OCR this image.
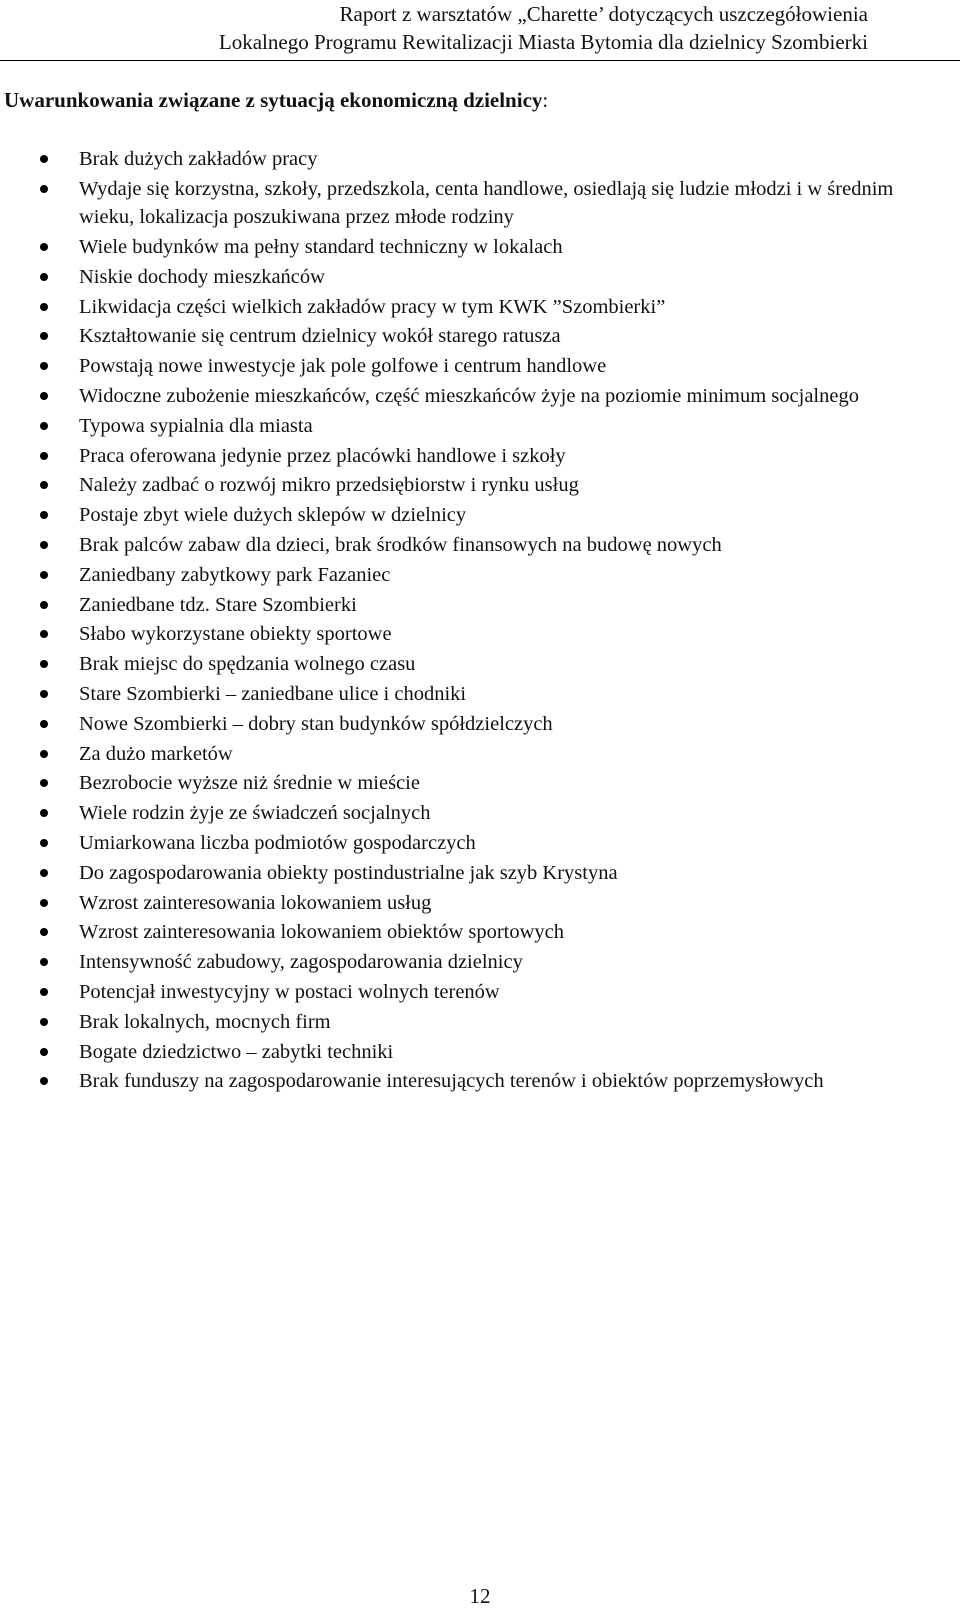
Raport z warsztatów „Charette’ dotyczących uszczegółowienia
Lokalnego Programu Rewitalizacji Miasta Bytomia dla dzielnicy Szombierki
Uwarunkowania związane z sytuacją ekonomiczną dzielnicy:
Brak dużych zakładów pracy
Wydaje się korzystna, szkoły, przedszkola, centa handlowe, osiedlają się ludzie młodzi i w średnim wieku, lokalizacja poszukiwana przez młode rodziny
Wiele budynków ma pełny standard techniczny w lokalach
Niskie dochody mieszkańców
Likwidacja części wielkich zakładów pracy w tym KWK ”Szombierki”
Kształtowanie się centrum dzielnicy wokół starego ratusza
Powstają nowe inwestycje jak pole golfowe i centrum handlowe
Widoczne zubożenie mieszkańców, część mieszkańców żyje na poziomie minimum socjalnego
Typowa sypialnia dla miasta
Praca oferowana jedynie przez placówki handlowe i szkoły
Należy zadbać o rozwój mikro przedsiębiorstw i rynku usług
Postaje zbyt wiele dużych sklepów w dzielnicy
Brak palców zabaw dla dzieci, brak środków finansowych na budowę nowych
Zaniedbany zabytkowy park Fazaniec
Zaniedbane tdz. Stare Szombierki
Słabo wykorzystane obiekty sportowe
Brak miejsc do spędzania wolnego czasu
Stare Szombierki – zaniedbane ulice i chodniki
Nowe Szombierki – dobry stan budynków spółdzielczych
Za dużo marketów
Bezrobocie wyższe niż średnie w mieście
Wiele rodzin żyje ze świadczeń socjalnych
Umiarkowana liczba podmiotów gospodarczych
Do zagospodarowania obiekty postindustrialne jak szyb Krystyna
Wzrost zainteresowania lokowaniem usług
Wzrost zainteresowania lokowaniem obiektów sportowych
Intensywność zabudowy, zagospodarowania dzielnicy
Potencjał inwestycyjny w postaci wolnych terenów
Brak lokalnych, mocnych firm
Bogate dziedzictwo – zabytki techniki
Brak funduszy na zagospodarowanie interesujących terenów i obiektów poprzemysłowych
12
